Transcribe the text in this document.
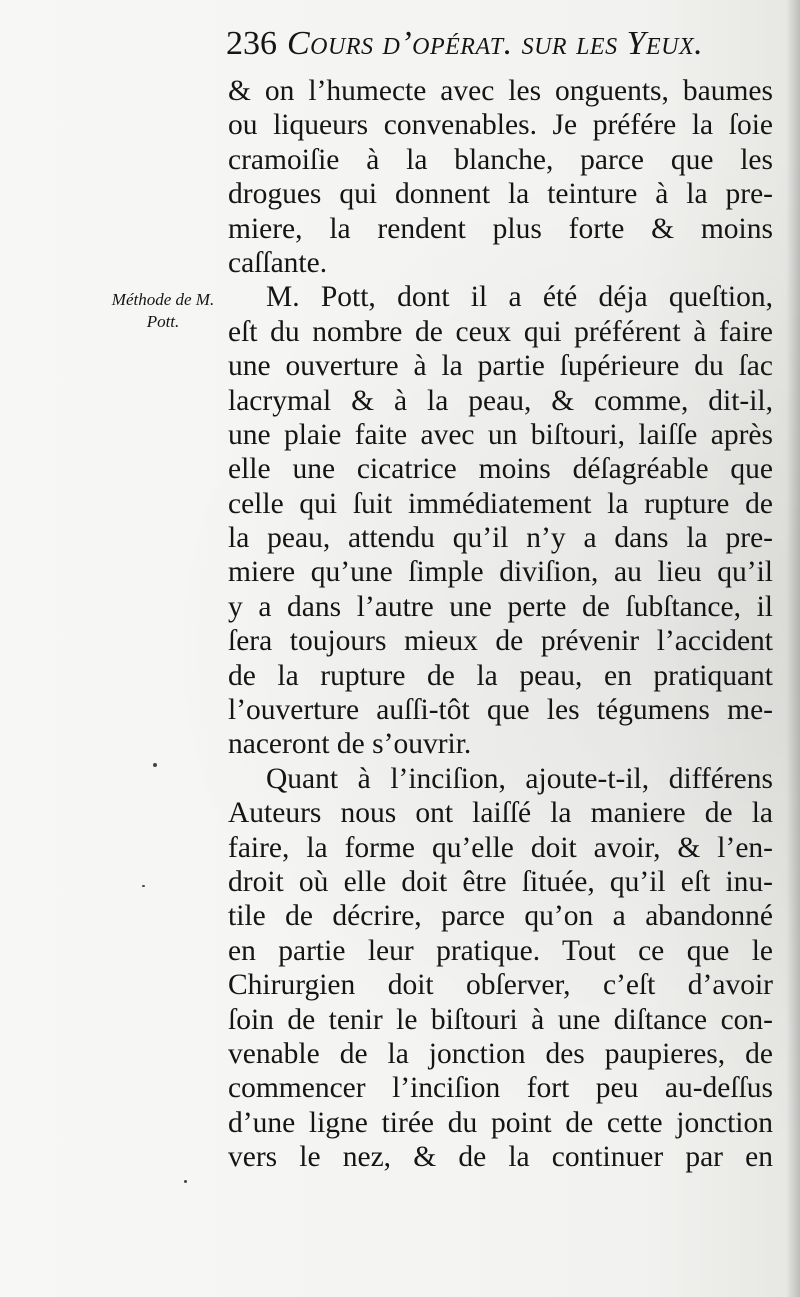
236 Cours d’opérat. sur les Yeux.
Méthode de M.
Pott.
& on l’humecte avec les onguents, baumes
ou liqueurs convenables. Je préfére la ſoie
cramoiſie à la blanche, parce que les
drogues qui donnent la teinture à la pre-
miere, la rendent plus forte & moins
caſſante.
M. Pott, dont il a été déja queſtion,
eſt du nombre de ceux qui préférent à faire
une ouverture à la partie ſupérieure du ſac
lacrymal & à la peau, & comme, dit-il,
une plaie faite avec un biſtouri, laiſſe après
elle une cicatrice moins déſagréable que
celle qui ſuit immédiatement la rupture de
la peau, attendu qu’il n’y a dans la pre-
miere qu’une ſimple diviſion, au lieu qu’il
y a dans l’autre une perte de ſubſtance, il
ſera toujours mieux de prévenir l’accident
de la rupture de la peau, en pratiquant
l’ouverture auſſi-tôt que les tégumens me-
naceront de s’ouvrir.
Quant à l’inciſion, ajoute-t-il, différens
Auteurs nous ont laiſſé la maniere de la
faire, la forme qu’elle doit avoir, & l’en-
droit où elle doit être ſituée, qu’il eſt inu-
tile de décrire, parce qu’on a abandonné
en partie leur pratique. Tout ce que le
Chirurgien doit obſerver, c’eſt d’avoir
ſoin de tenir le biſtouri à une diſtance con-
venable de la jonction des paupieres, de
commencer l’inciſion fort peu au-deſſus
d’une ligne tirée du point de cette jonction
vers le nez, & de la continuer par en
